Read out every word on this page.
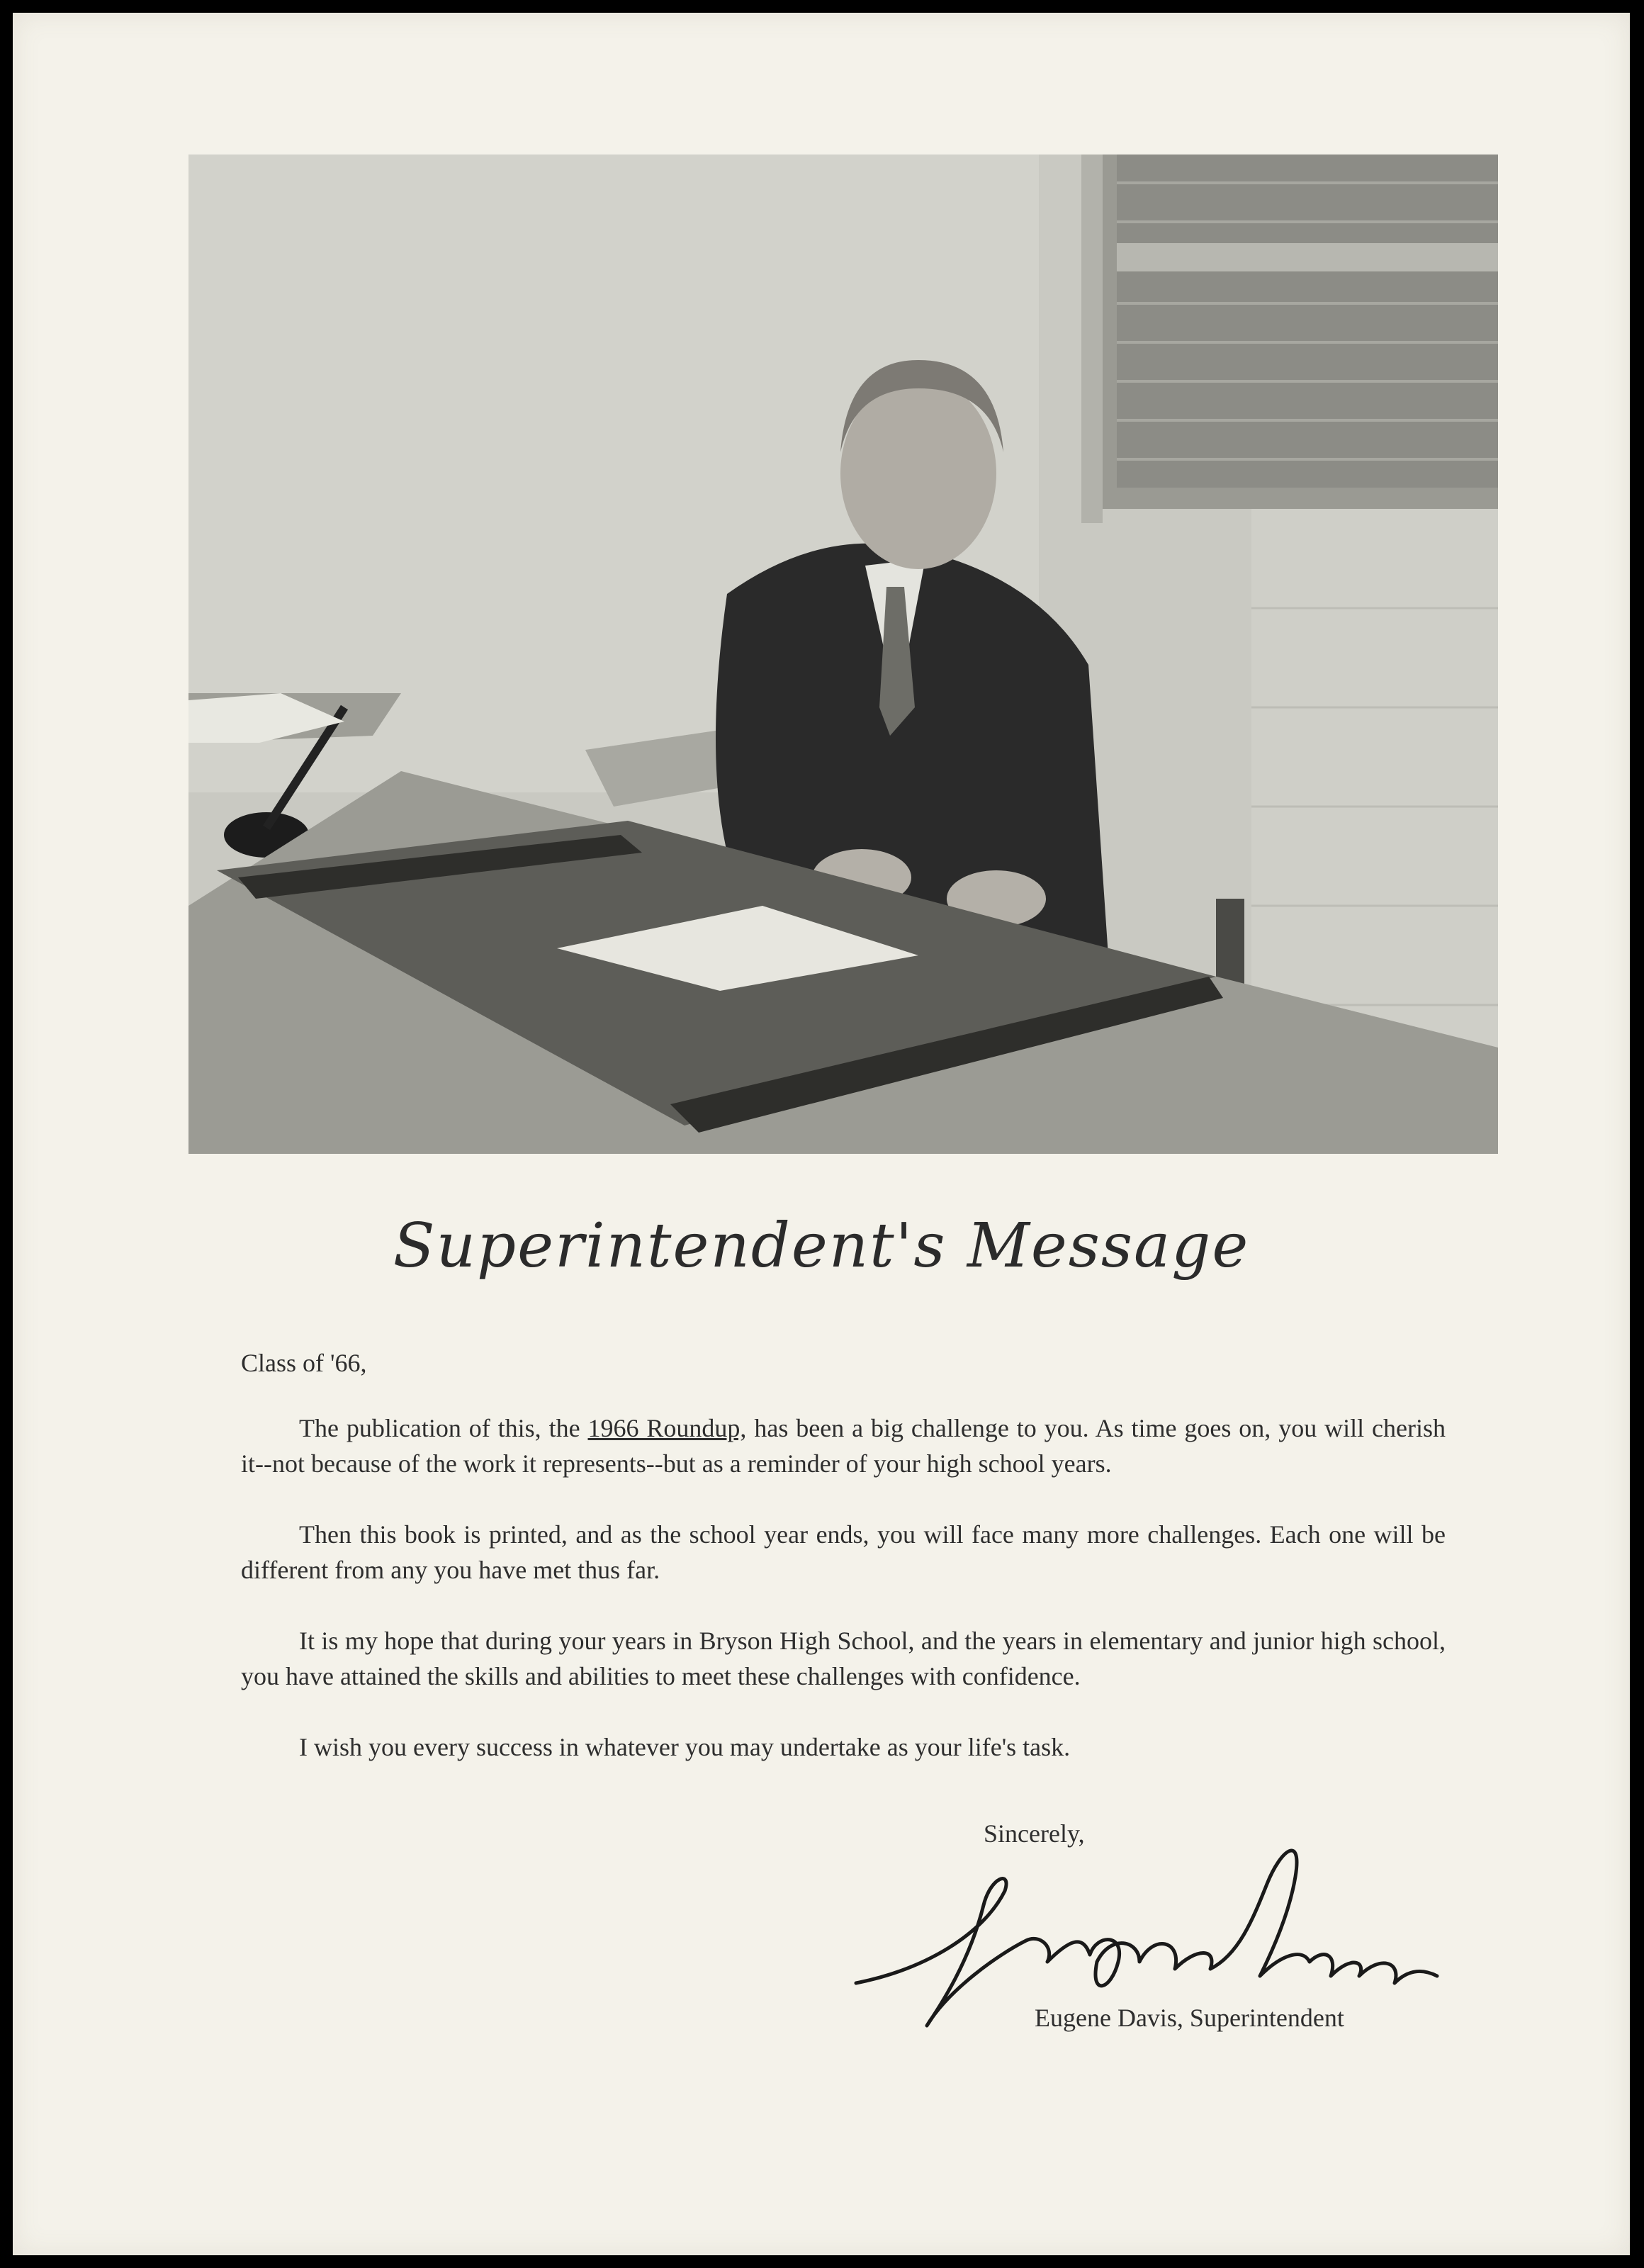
Superintendent's Message

Class of '66,

The publication of this, the 1966 Roundup, has been a big challenge to you. As time goes on, you will cherish it--not because of the work it represents--but as a reminder of your high school years.

Then this book is printed, and as the school year ends, you will face many more challenges. Each one will be different from any you have met thus far.

It is my hope that during your years in Bryson High School, and the years in elementary and junior high school, you have attained the skills and abilities to meet these challenges with confidence.

I wish you every success in whatever you may undertake as your life's task.

Sincerely,
Eugene Davis, Superintendent
